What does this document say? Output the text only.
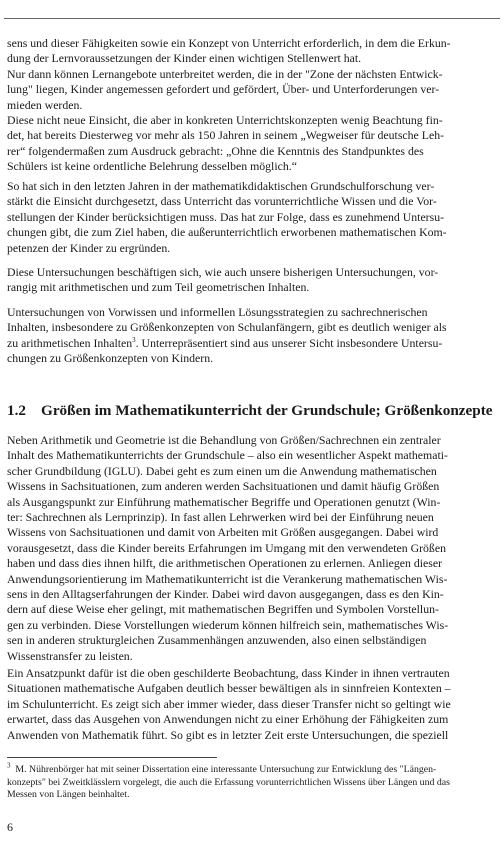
sens und dieser Fähigkeiten sowie ein Konzept von Unterricht erforderlich, in dem die Erkun-
dung der Lernvoraussetzungen der Kinder einen wichtigen Stellenwert hat.
Nur dann können Lernangebote unterbreitet werden, die in der "Zone der nächsten Entwick-
lung" liegen, Kinder angemessen gefordert und gefördert, Über- und Unterforderungen ver-
mieden werden.
Diese nicht neue Einsicht, die aber in konkreten Unterrichtskonzepten wenig Beachtung fin-
det, hat bereits Diesterweg vor mehr als 150 Jahren in seinem „Wegweiser für deutsche Leh-
rer“ folgendermaßen zum Ausdruck gebracht: „Ohne die Kenntnis des Standpunktes des
Schülers ist keine ordentliche Belehrung desselben möglich.“
So hat sich in den letzten Jahren in der mathematikdidaktischen Grundschulforschung ver-
stärkt die Einsicht durchgesetzt, dass Unterricht das vorunterrichtliche Wissen und die Vor-
stellungen der Kinder berücksichtigen muss. Das hat zur Folge, dass es zunehmend Untersu-
chungen gibt, die zum Ziel haben, die außerunterrichtlich erworbenen mathematischen Kom-
petenzen der Kinder zu ergründen.
Diese Untersuchungen beschäftigen sich, wie auch unsere bisherigen Untersuchungen, vor-
rangig mit arithmetischen und zum Teil geometrischen Inhalten.
Untersuchungen von Vorwissen und informellen Lösungsstrategien zu sachrechnerischen
Inhalten, insbesondere zu Größenkonzepten von Schulanfängern, gibt es deutlich weniger als
zu arithmetischen Inhalten$^3$. Unterrepräsentiert sind aus unserer Sicht insbesondere Untersu-
chungen zu Größenkonzepten von Kindern.
1.2 Größen im Mathematikunterricht der Grundschule; Größenkonzepte
Neben Arithmetik und Geometrie ist die Behandlung von Größen/Sachrechnen ein zentraler
Inhalt des Mathematikunterrichts der Grundschule – also ein wesentlicher Aspekt mathemati-
scher Grundbildung (IGLU). Dabei geht es zum einen um die Anwendung mathematischen
Wissens in Sachsituationen, zum anderen werden Sachsituationen und damit häufig Größen
als Ausgangspunkt zur Einführung mathematischer Begriffe und Operationen genutzt (Win-
ter: Sachrechnen als Lernprinzip). In fast allen Lehrwerken wird bei der Einführung neuen
Wissens von Sachsituationen und damit von Arbeiten mit Größen ausgegangen. Dabei wird
vorausgesetzt, dass die Kinder bereits Erfahrungen im Umgang mit den verwendeten Größen
haben und dass dies ihnen hilft, die arithmetischen Operationen zu erlernen. Anliegen dieser
Anwendungsorientierung im Mathematikunterricht ist die Verankerung mathematischen Wis-
sens in den Alltagserfahrungen der Kinder. Dabei wird davon ausgegangen, dass es den Kin-
dern auf diese Weise eher gelingt, mit mathematischen Begriffen und Symbolen Vorstellun-
gen zu verbinden. Diese Vorstellungen wiederum können hilfreich sein, mathematisches Wis-
sen in anderen strukturgleichen Zusammenhängen anzuwenden, also einen selbständigen
Wissenstransfer zu leisten.
Ein Ansatzpunkt dafür ist die oben geschilderte Beobachtung, dass Kinder in ihnen vertrauten
Situationen mathematische Aufgaben deutlich besser bewältigen als in sinnfreien Kontexten –
im Schulunterricht. Es zeigt sich aber immer wieder, dass dieser Transfer nicht so geltingt wie
erwartet, dass das Ausgehen von Anwendungen nicht zu einer Erhöhung der Fähigkeiten zum
Anwenden von Mathematik führt. So gibt es in letzter Zeit erste Untersuchungen, die speziell
$^3$ M. Nührenbörger hat mit seiner Dissertation eine interessante Untersuchung zur Entwicklung des "Längen-
konzepts" bei Zweitklässlern vorgelegt, die auch die Erfassung vorunterrichtlichen Wissens über Längen und das
Messen von Längen beinhaltet.
6
